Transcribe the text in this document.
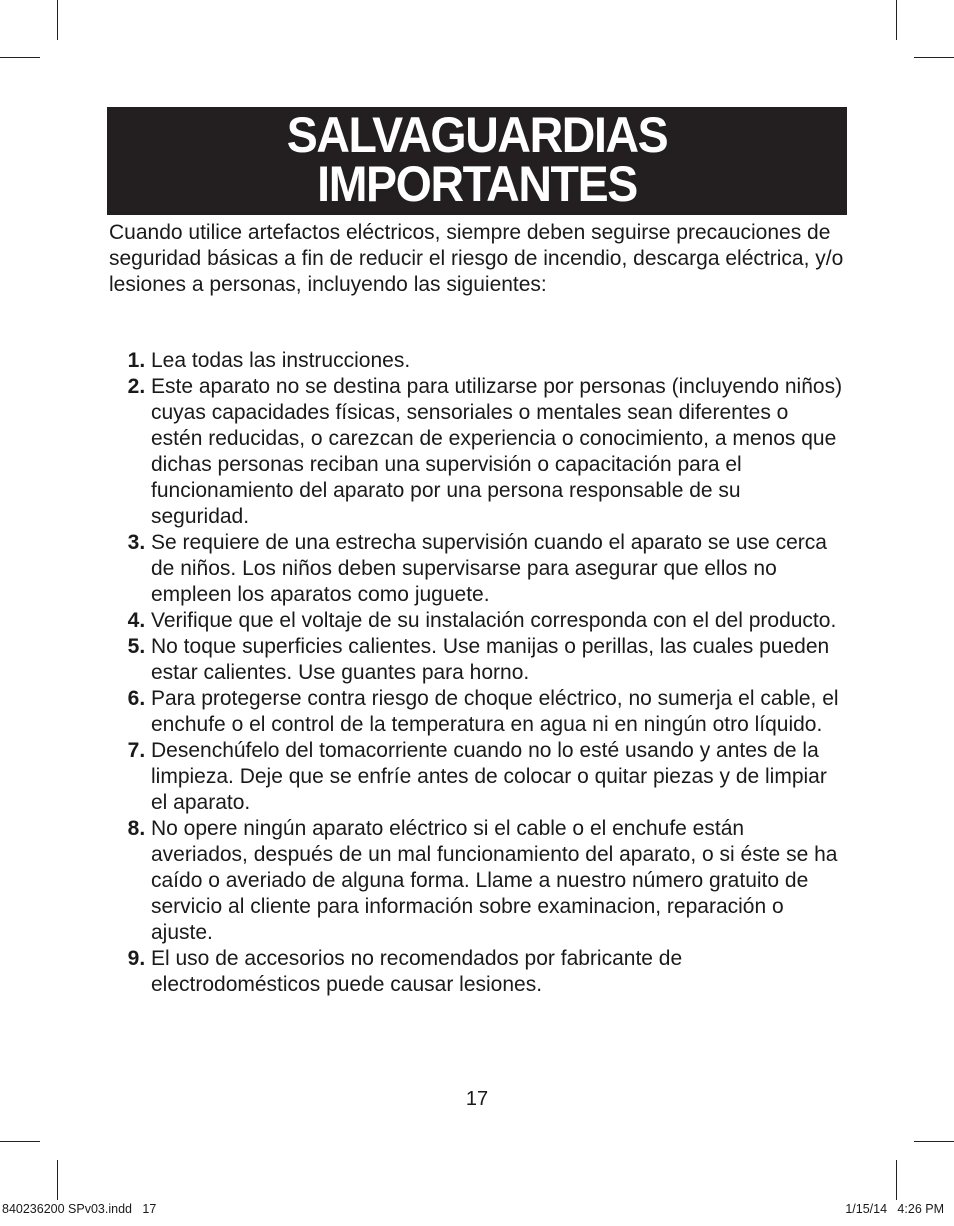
SALVAGUARDIAS
IMPORTANTES

Cuando utilice artefactos eléctricos, siempre deben seguirse precauciones de seguridad básicas a fin de reducir el riesgo de incendio, descarga eléctrica, y/o lesiones a personas, incluyendo las siguientes:

1. Lea todas las instrucciones.
2. Este aparato no se destina para utilizarse por personas (incluyendo niños) cuyas capacidades físicas, sensoriales o mentales sean diferentes o estén reducidas, o carezcan de experiencia o conocimiento, a menos que dichas personas reciban una supervisión o capacitación para el funcionamiento del aparato por una persona responsable de su seguridad.
3. Se requiere de una estrecha supervisión cuando el aparato se use cerca de niños. Los niños deben supervisarse para asegurar que ellos no empleen los aparatos como juguete.
4. Verifique que el voltaje de su instalación corresponda con el del producto.
5. No toque superficies calientes. Use manijas o perillas, las cuales pueden estar calientes. Use guantes para horno.
6. Para protegerse contra riesgo de choque eléctrico, no sumerja el cable, el enchufe o el control de la temperatura en agua ni en ningún otro líquido.
7. Desenchúfelo del tomacorriente cuando no lo esté usando y antes de la limpieza. Deje que se enfríe antes de colocar o quitar piezas y de limpiar el aparato.
8. No opere ningún aparato eléctrico si el cable o el enchufe están averiados, después de un mal funcionamiento del aparato, o si éste se ha caído o averiado de alguna forma. Llame a nuestro número gratuito de servicio al cliente para información sobre examinacion, reparación o ajuste.
9. El uso de accesorios no recomendados por fabricante de electrodomésticos puede causar lesiones.
17
840236200 SPv03.indd   17	1/15/14   4:26 PM
